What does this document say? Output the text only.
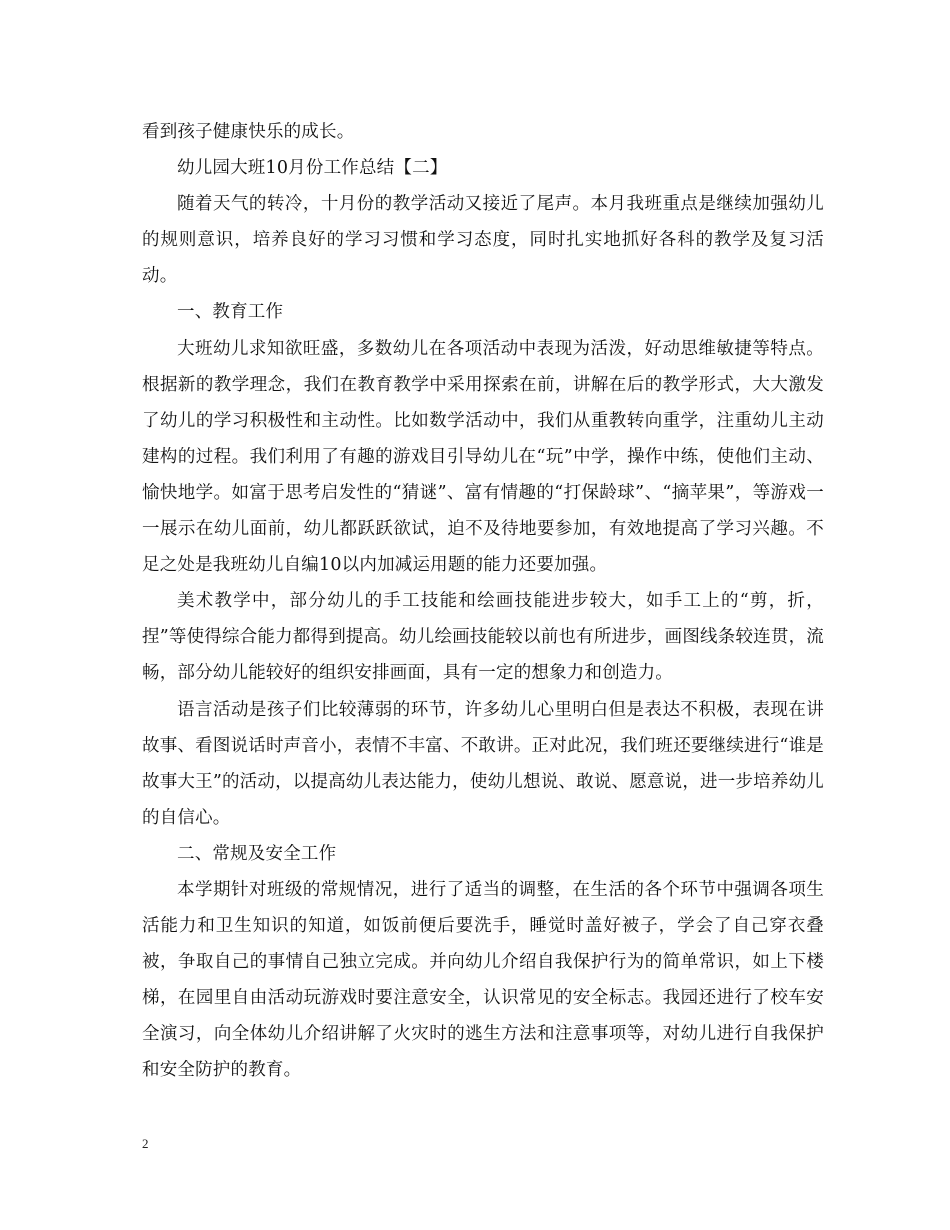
看到孩子健康快乐的成长。

幼儿园大班10月份工作总结【二】

随着天气的转冷，十月份的教学活动又接近了尾声。本月我班重点是继续加强幼儿的规则意识，培养良好的学习习惯和学习态度，同时扎实地抓好各科的教学及复习活动。

一、教育工作

大班幼儿求知欲旺盛，多数幼儿在各项活动中表现为活泼，好动思维敏捷等特点。根据新的教学理念，我们在教育教学中采用探索在前，讲解在后的教学形式，大大激发了幼儿的学习积极性和主动性。比如数学活动中，我们从重教转向重学，注重幼儿主动建构的过程。我们利用了有趣的游戏目引导幼儿在“玩”中学，操作中练，使他们主动、愉快地学。如富于思考启发性的“猜谜”、富有情趣的“打保龄球”、“摘苹果”，等游戏一一展示在幼儿面前，幼儿都跃跃欲试，迫不及待地要参加，有效地提高了学习兴趣。不足之处是我班幼儿自编10以内加减运用题的能力还要加强。

美术教学中，部分幼儿的手工技能和绘画技能进步较大，如手工上的“剪，折，捏”等使得综合能力都得到提高。幼儿绘画技能较以前也有所进步，画图线条较连贯，流畅，部分幼儿能较好的组织安排画面，具有一定的想象力和创造力。

语言活动是孩子们比较薄弱的环节，许多幼儿心里明白但是表达不积极，表现在讲故事、看图说话时声音小，表情不丰富、不敢讲。正对此况，我们班还要继续进行“谁是故事大王”的活动，以提高幼儿表达能力，使幼儿想说、敢说、愿意说，进一步培养幼儿的自信心。

二、常规及安全工作

本学期针对班级的常规情况，进行了适当的调整，在生活的各个环节中强调各项生活能力和卫生知识的知道，如饭前便后要洗手，睡觉时盖好被子，学会了自己穿衣叠被，争取自己的事情自己独立完成。并向幼儿介绍自我保护行为的简单常识，如上下楼梯，在园里自由活动玩游戏时要注意安全，认识常见的安全标志。我园还进行了校车安全演习，向全体幼儿介绍讲解了火灾时的逃生方法和注意事项等，对幼儿进行自我保护和安全防护的教育。

2
